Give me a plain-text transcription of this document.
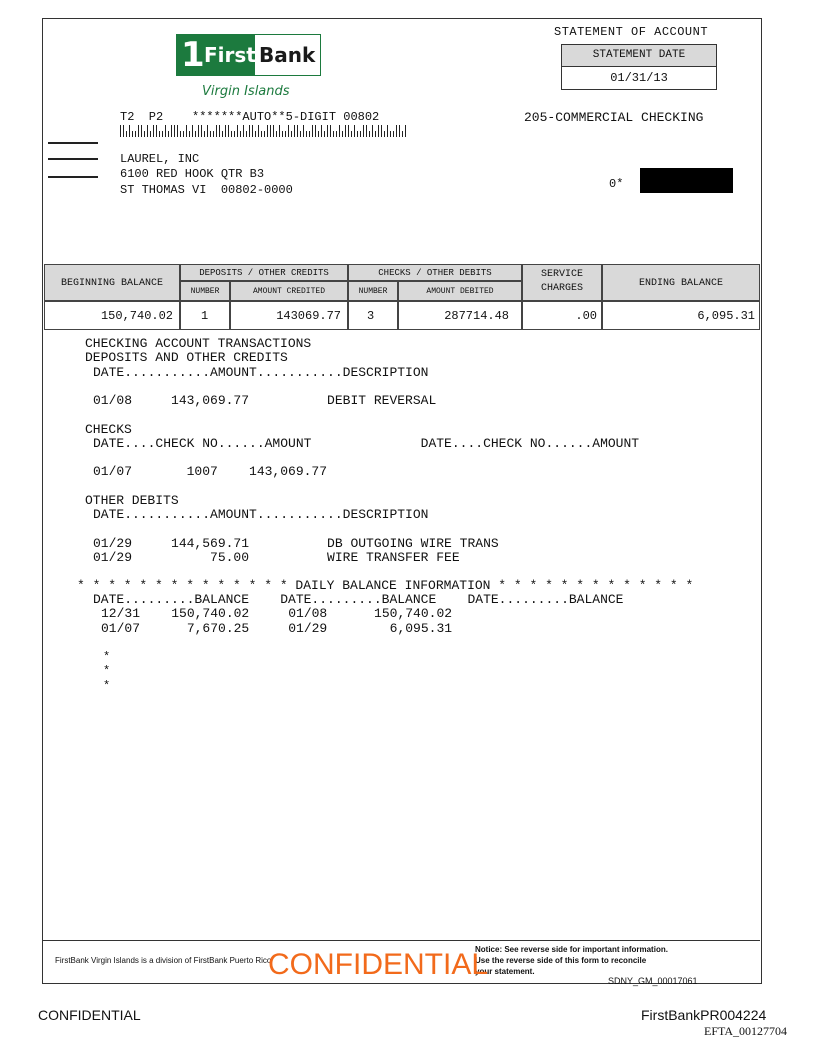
1 First Bank
Virgin Islands
STATEMENT OF ACCOUNT
STATEMENT DATE
01/31/13
205-COMMERCIAL CHECKING
0*
T2  P2    *******AUTO**5-DIGIT 00802
LAUREL, INC
6100 RED HOOK QTR B3
ST THOMAS VI  00802-0000
BEGINNING BALANCE
DEPOSITS / OTHER CREDITS
NUMBER	AMOUNT CREDITED
CHECKS / OTHER DEBITS
NUMBER	AMOUNT DEBITED
SERVICE CHARGES	ENDING BALANCE
150,740.02	1	143069.77	3	287714.48	.00	6,095.31
CHECKING ACCOUNT TRANSACTIONS
DEPOSITS AND OTHER CREDITS
DATE...........AMOUNT...........DESCRIPTION
01/08     143,069.77          DEBIT REVERSAL
CHECKS
DATE....CHECK NO......AMOUNT              DATE....CHECK NO......AMOUNT
01/07       1007    143,069.77
OTHER DEBITS
DATE...........AMOUNT...........DESCRIPTION
01/29     144,569.71          DB OUTGOING WIRE TRANS
01/29          75.00          WIRE TRANSFER FEE
* * * * * * * * * * * * * * DAILY BALANCE INFORMATION * * * * * * * * * * * * *
DATE.........BALANCE    DATE.........BALANCE    DATE.........BALANCE
12/31    150,740.02     01/08      150,740.02
01/07      7,670.25     01/29        6,095.31
*
*
*
FirstBank Virgin Islands is a division of FirstBank Puerto Rico
Notice: See reverse side for important information.
Use the reverse side of this form to reconcile
your statement.
CONFIDENTIAL	SDNY_GM_00017061
CONFIDENTIAL	FirstBankPR004224
EFTA_00127704
